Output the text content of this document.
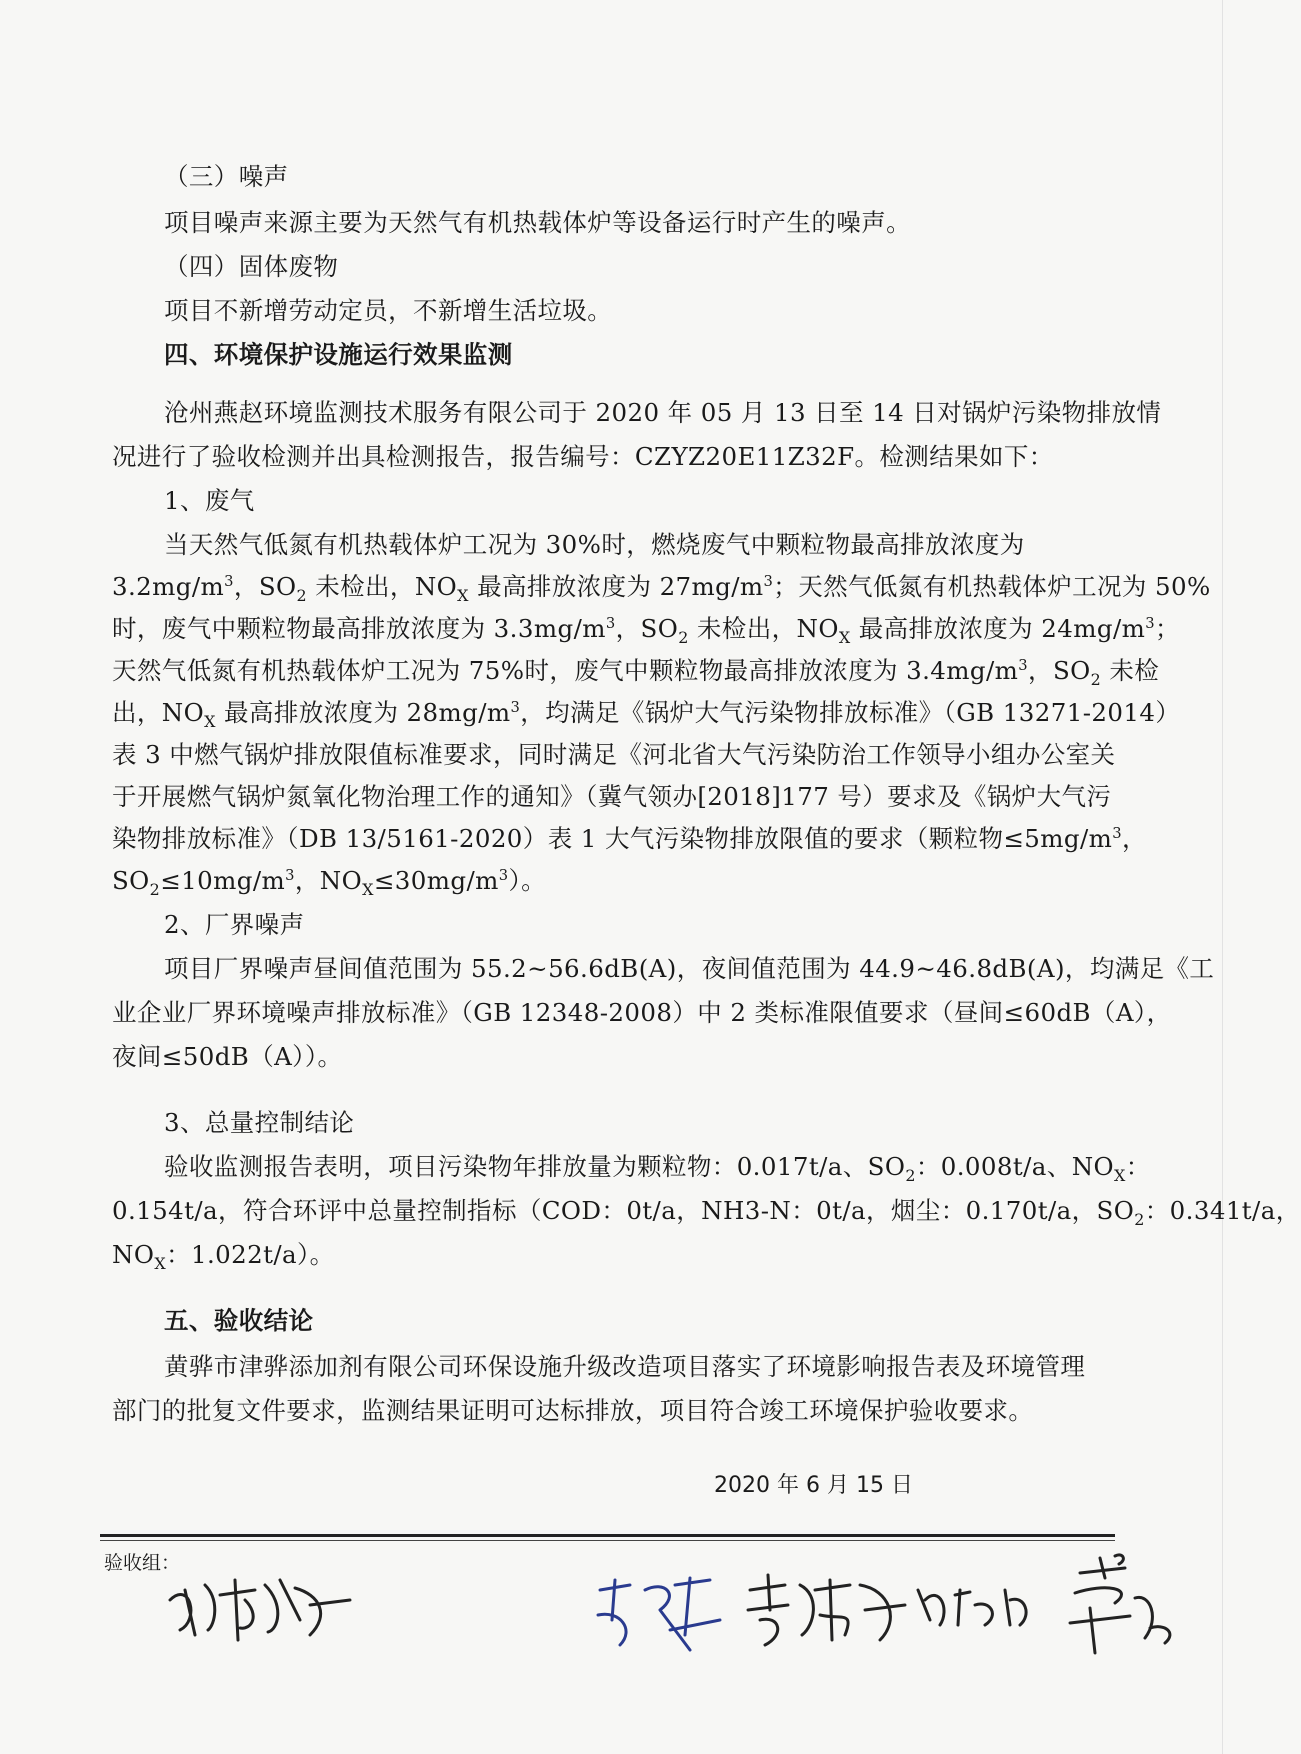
（三）噪声
项目噪声来源主要为天然气有机热载体炉等设备运行时产生的噪声。
（四）固体废物
项目不新增劳动定员，不新增生活垃圾。
四、环境保护设施运行效果监测
沧州燕赵环境监测技术服务有限公司于 2020 年 05 月 13 日至 14 日对锅炉污染物排放情
况进行了验收检测并出具检测报告，报告编号：CZYZ20E11Z32F。检测结果如下：
1、废气
当天然气低氮有机热载体炉工况为 30%时，燃烧废气中颗粒物最高排放浓度为
$3.2mg/m^3$，$SO_2$ 未检出，$NO_X$ 最高排放浓度为 $27mg/m^3$；天然气低氮有机热载体炉工况为 50%
时，废气中颗粒物最高排放浓度为 $3.3mg/m^3$，$SO_2$ 未检出，$NO_X$ 最高排放浓度为 $24mg/m^3$；
天然气低氮有机热载体炉工况为 75%时，废气中颗粒物最高排放浓度为 $3.4mg/m^3$，$SO_2$ 未检
出，$NO_X$ 最高排放浓度为 $28mg/m^3$，均满足《锅炉大气污染物排放标准》（GB 13271-2014）
表 3 中燃气锅炉排放限值标准要求，同时满足《河北省大气污染防治工作领导小组办公室关
于开展燃气锅炉氮氧化物治理工作的通知》（冀气领办[2018]177 号）要求及《锅炉大气污
染物排放标准》（DB 13/5161-2020）表 1 大气污染物排放限值的要求（颗粒物$\le 5mg/m^3$，
$SO_2\le 10mg/m^3$，$NO_X\le 30mg/m^3$）。
2、厂界噪声
项目厂界噪声昼间值范围为 55.2~56.6dB(A)，夜间值范围为 44.9~46.8dB(A)，均满足《工
业企业厂界环境噪声排放标准》（GB 12348-2008）中 2 类标准限值要求（昼间≤60dB（A），
夜间≤50dB（A））。
3、总量控制结论
验收监测报告表明，项目污染物年排放量为颗粒物：0.017t/a、$SO_2$：0.008t/a、$NO_X$：
0.154t/a，符合环评中总量控制指标（COD：0t/a，NH3-N：0t/a，烟尘：0.170t/a，$SO_2$：0.341t/a，
$NO_X$：1.022t/a）。
五、验收结论
黄骅市津骅添加剂有限公司环保设施升级改造项目落实了环境影响报告表及环境管理
部门的批复文件要求，监测结果证明可达标排放，项目符合竣工环境保护验收要求。
2020 年 6 月 15 日
验收组：
